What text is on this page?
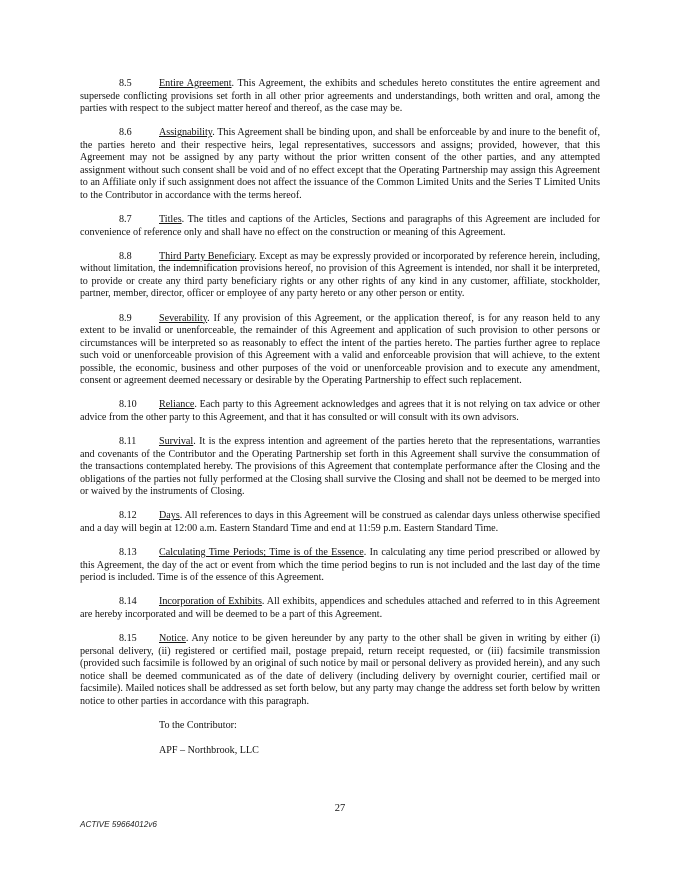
8.5	Entire Agreement. This Agreement, the exhibits and schedules hereto constitutes the entire agreement and supersede conflicting provisions set forth in all other prior agreements and understandings, both written and oral, among the parties with respect to the subject matter hereof and thereof, as the case may be.

8.6	Assignability. This Agreement shall be binding upon, and shall be enforceable by and inure to the benefit of, the parties hereto and their respective heirs, legal representatives, successors and assigns; provided, however, that this Agreement may not be assigned by any party without the prior written consent of the other parties, and any attempted assignment without such consent shall be void and of no effect except that the Operating Partnership may assign this Agreement to an Affiliate only if such assignment does not affect the issuance of the Common Limited Units and the Series T Limited Units to the Contributor in accordance with the terms hereof.

8.7	Titles. The titles and captions of the Articles, Sections and paragraphs of this Agreement are included for convenience of reference only and shall have no effect on the construction or meaning of this Agreement.

8.8	Third Party Beneficiary. Except as may be expressly provided or incorporated by reference herein, including, without limitation, the indemnification provisions hereof, no provision of this Agreement is intended, nor shall it be interpreted, to provide or create any third party beneficiary rights or any other rights of any kind in any customer, affiliate, stockholder, partner, member, director, officer or employee of any party hereto or any other person or entity.

8.9	Severability. If any provision of this Agreement, or the application thereof, is for any reason held to any extent to be invalid or unenforceable, the remainder of this Agreement and application of such provision to other persons or circumstances will be interpreted so as reasonably to effect the intent of the parties hereto. The parties further agree to replace such void or unenforceable provision of this Agreement with a valid and enforceable provision that will achieve, to the extent possible, the economic, business and other purposes of the void or unenforceable provision and to execute any amendment, consent or agreement deemed necessary or desirable by the Operating Partnership to effect such replacement.

8.10 Reliance. Each party to this Agreement acknowledges and agrees that it is not relying on tax advice or other advice from the other party to this Agreement, and that it has consulted or will consult with its own advisors.

8.11 Survival. It is the express intention and agreement of the parties hereto that the representations, warranties and covenants of the Contributor and the Operating Partnership set forth in this Agreement shall survive the consummation of the transactions contemplated hereby. The provisions of this Agreement that contemplate performance after the Closing and the obligations of the parties not fully performed at the Closing shall survive the Closing and shall not be deemed to be merged into or waived by the instruments of Closing.

8.12 Days. All references to days in this Agreement will be construed as calendar days unless otherwise specified and a day will begin at 12:00 a.m. Eastern Standard Time and end at 11:59 p.m. Eastern Standard Time.

8.13 Calculating Time Periods; Time is of the Essence. In calculating any time period prescribed or allowed by this Agreement, the day of the act or event from which the time period begins to run is not included and the last day of the time period is included. Time is of the essence of this Agreement.

8.14 Incorporation of Exhibits. All exhibits, appendices and schedules attached and referred to in this Agreement are hereby incorporated and will be deemed to be a part of this Agreement.

8.15 Notice. Any notice to be given hereunder by any party to the other shall be given in writing by either (i) personal delivery, (ii) registered or certified mail, postage prepaid, return receipt requested, or (iii) facsimile transmission (provided such facsimile is followed by an original of such notice by mail or personal delivery as provided herein), and any such notice shall be deemed communicated as of the date of delivery (including delivery by overnight courier, certified mail or facsimile). Mailed notices shall be addressed as set forth below, but any party may change the address set forth below by written notice to other parties in accordance with this paragraph.

To the Contributor:

APF – Northbrook, LLC

27
ACTIVE 59664012v6
